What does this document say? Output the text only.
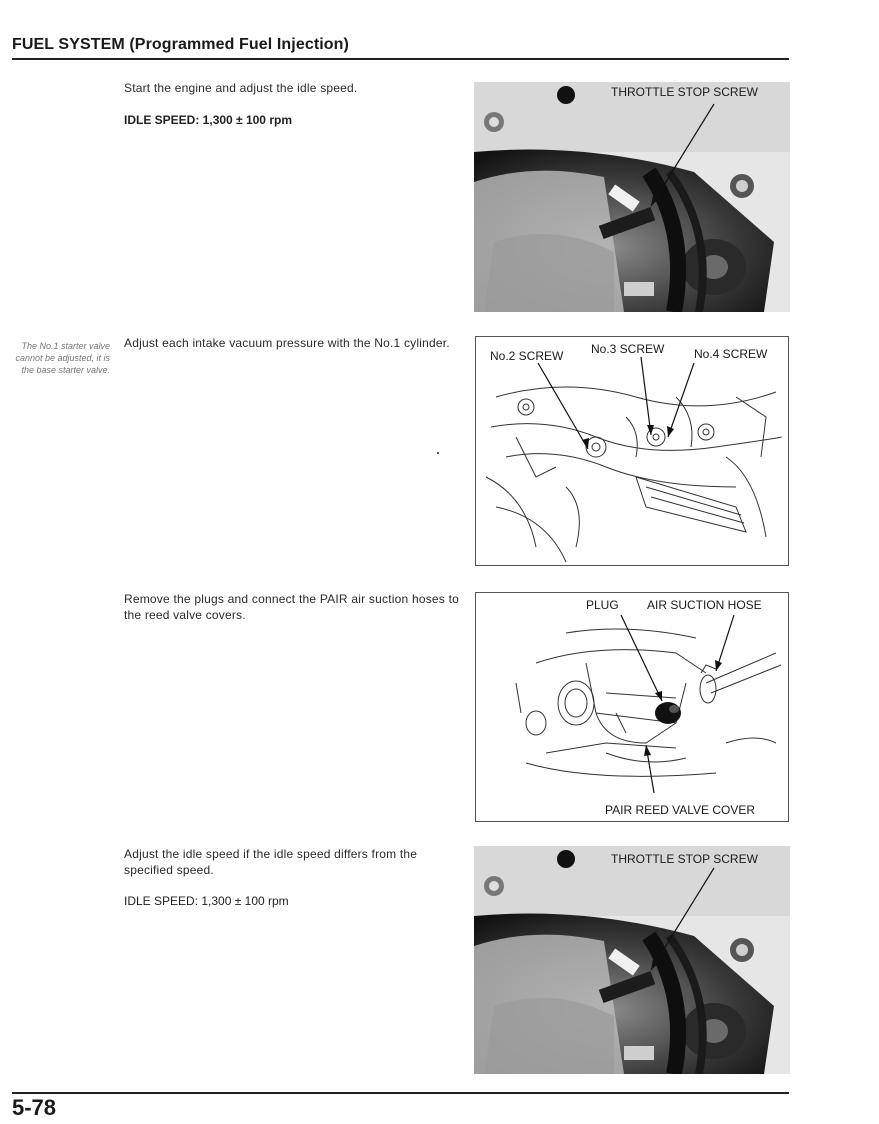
FUEL SYSTEM (Programmed Fuel Injection)
Start the engine and adjust the idle speed.
IDLE SPEED: 1,300 ± 100 rpm
THROTTLE STOP SCREW
The No.1 starter valve cannot be adjusted, it is the base starter valve.
Adjust each intake vacuum pressure with the No.1 cylinder.
No.2 SCREW No.3 SCREW No.4 SCREW
Remove the plugs and connect the PAIR air suction hoses to the reed valve covers.
PLUG AIR SUCTION HOSE
PAIR REED VALVE COVER
Adjust the idle speed if the idle speed differs from the specified speed.
IDLE SPEED: 1,300 ± 100 rpm
THROTTLE STOP SCREW
5-78
